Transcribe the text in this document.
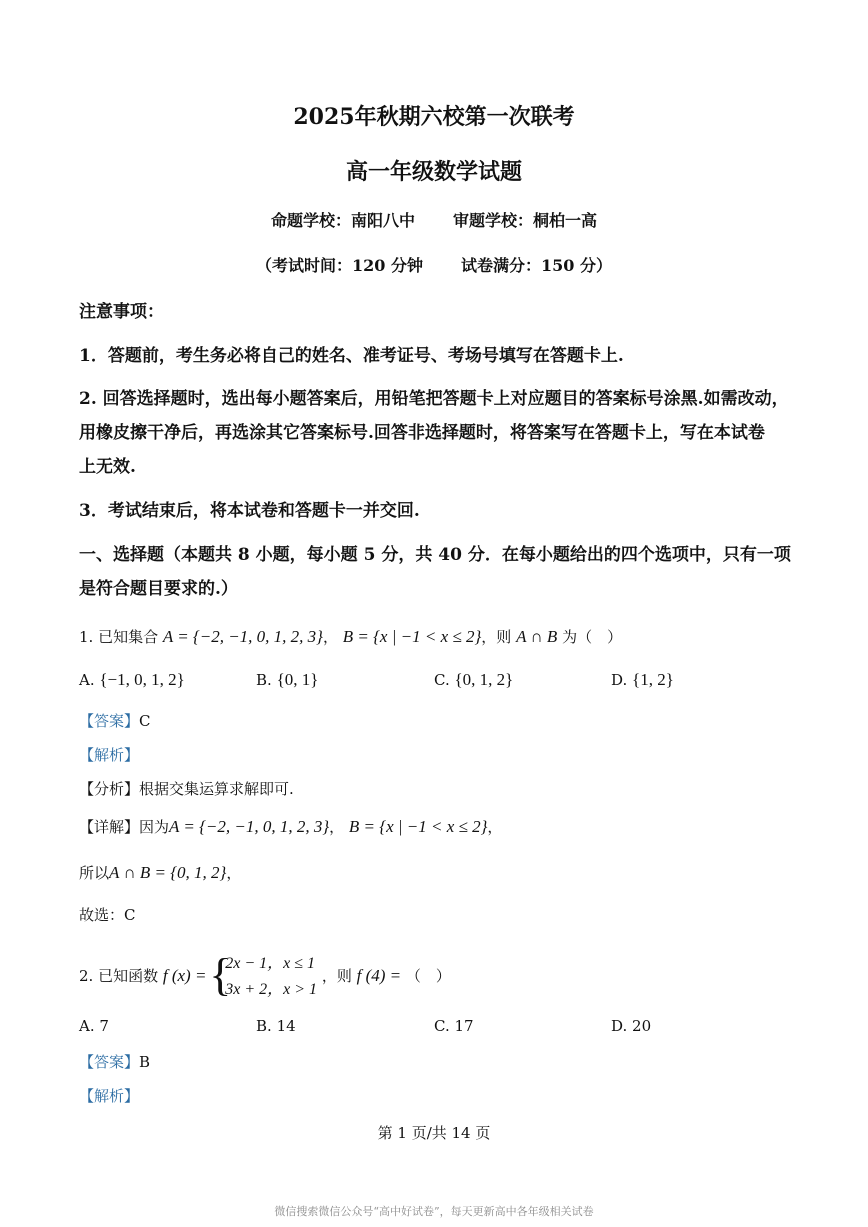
2025年秋期六校第一次联考
高一年级数学试题
命题学校：南阳八中 审题学校：桐柏一高
（考试时间：120 分钟 试卷满分：150 分）
注意事项：
1．答题前，考生务必将自己的姓名、准考证号、考场号填写在答题卡上.
2. 回答选择题时，选出每小题答案后，用铅笔把答题卡上对应题目的答案标号涂黑.如需改动，
用橡皮擦干净后，再选涂其它答案标号.回答非选择题时，将答案写在答题卡上，写在本试卷
上无效.
3．考试结束后，将本试卷和答题卡一并交回.
一、选择题（本题共 8 小题，每小题 5 分，共 40 分．在每小题给出的四个选项中，只有一项
是符合题目要求的.）
1. 已知集合 A = {−2, −1, 0, 1, 2, 3}， B = {x | −1 < x ≤ 2}，则 A ∩ B 为（　）
A. {−1, 0, 1, 2}	B. {0, 1}	C. {0, 1, 2}	D. {1, 2}
【答案】C
【解析】
【分析】根据交集运算求解即可.
【详解】因为A = {−2, −1, 0, 1, 2, 3}， B = {x | −1 < x ≤ 2}，
所以A ∩ B = {0, 1, 2}，
故选：C
2. 已知函数 f (x) =
{ 2x − 1，x ≤ 1
3x + 2，x > 1
，则 f (4) = （　）
A. 7	B. 14	C. 17	D. 20
【答案】B
【解析】
第 1 页/共 14 页
微信搜索微信公众号“高中好试卷”，每天更新高中各年级相关试卷
